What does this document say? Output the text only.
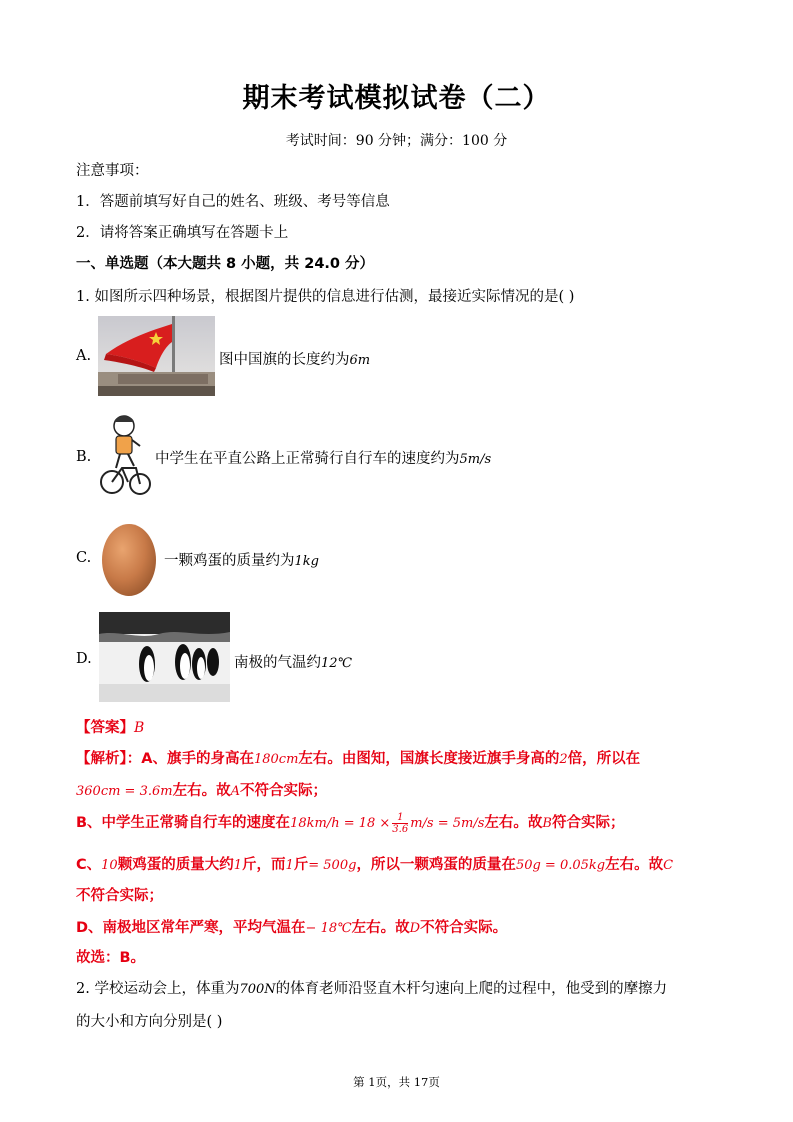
期末考试模拟试卷（二）
考试时间：90 分钟；满分：100 分
注意事项：
1．答题前填写好自己的姓名、班级、考号等信息
2．请将答案正确填写在答题卡上
一、单选题（本大题共 8 小题，共 24.0 分）
1. 如图所示四种场景，根据图片提供的信息进行估测，最接近实际情况的是( )
A.	图中国旗的长度约为6m
B.	中学生在平直公路上正常骑行自行车的速度约为5m/s
C.	一颗鸡蛋的质量约为1kg
D.	南极的气温约12℃
【答案】B
【解析】：A、旗手的身高在180cm左右。由图知，国旗长度接近旗手身高的2倍，所以在
360cm = 3.6m左右。故A不符合实际；
B、中学生正常骑自行车的速度在$18km/h = 18 \times \frac{1}{3.6} m/s = 5m/s$左右。故B符合实际；
C、10颗鸡蛋的质量大约1斤，而1斤= 500g，所以一颗鸡蛋的质量在50g = 0.05kg左右。故C
不符合实际；
D、南极地区常年严寒，平均气温在− 18℃左右。故D不符合实际。
故选：B。
2. 学校运动会上，体重为700N的体育老师沿竖直木杆匀速向上爬的过程中，他受到的摩擦力
的大小和方向分别是( )
第 1页，共 17页
